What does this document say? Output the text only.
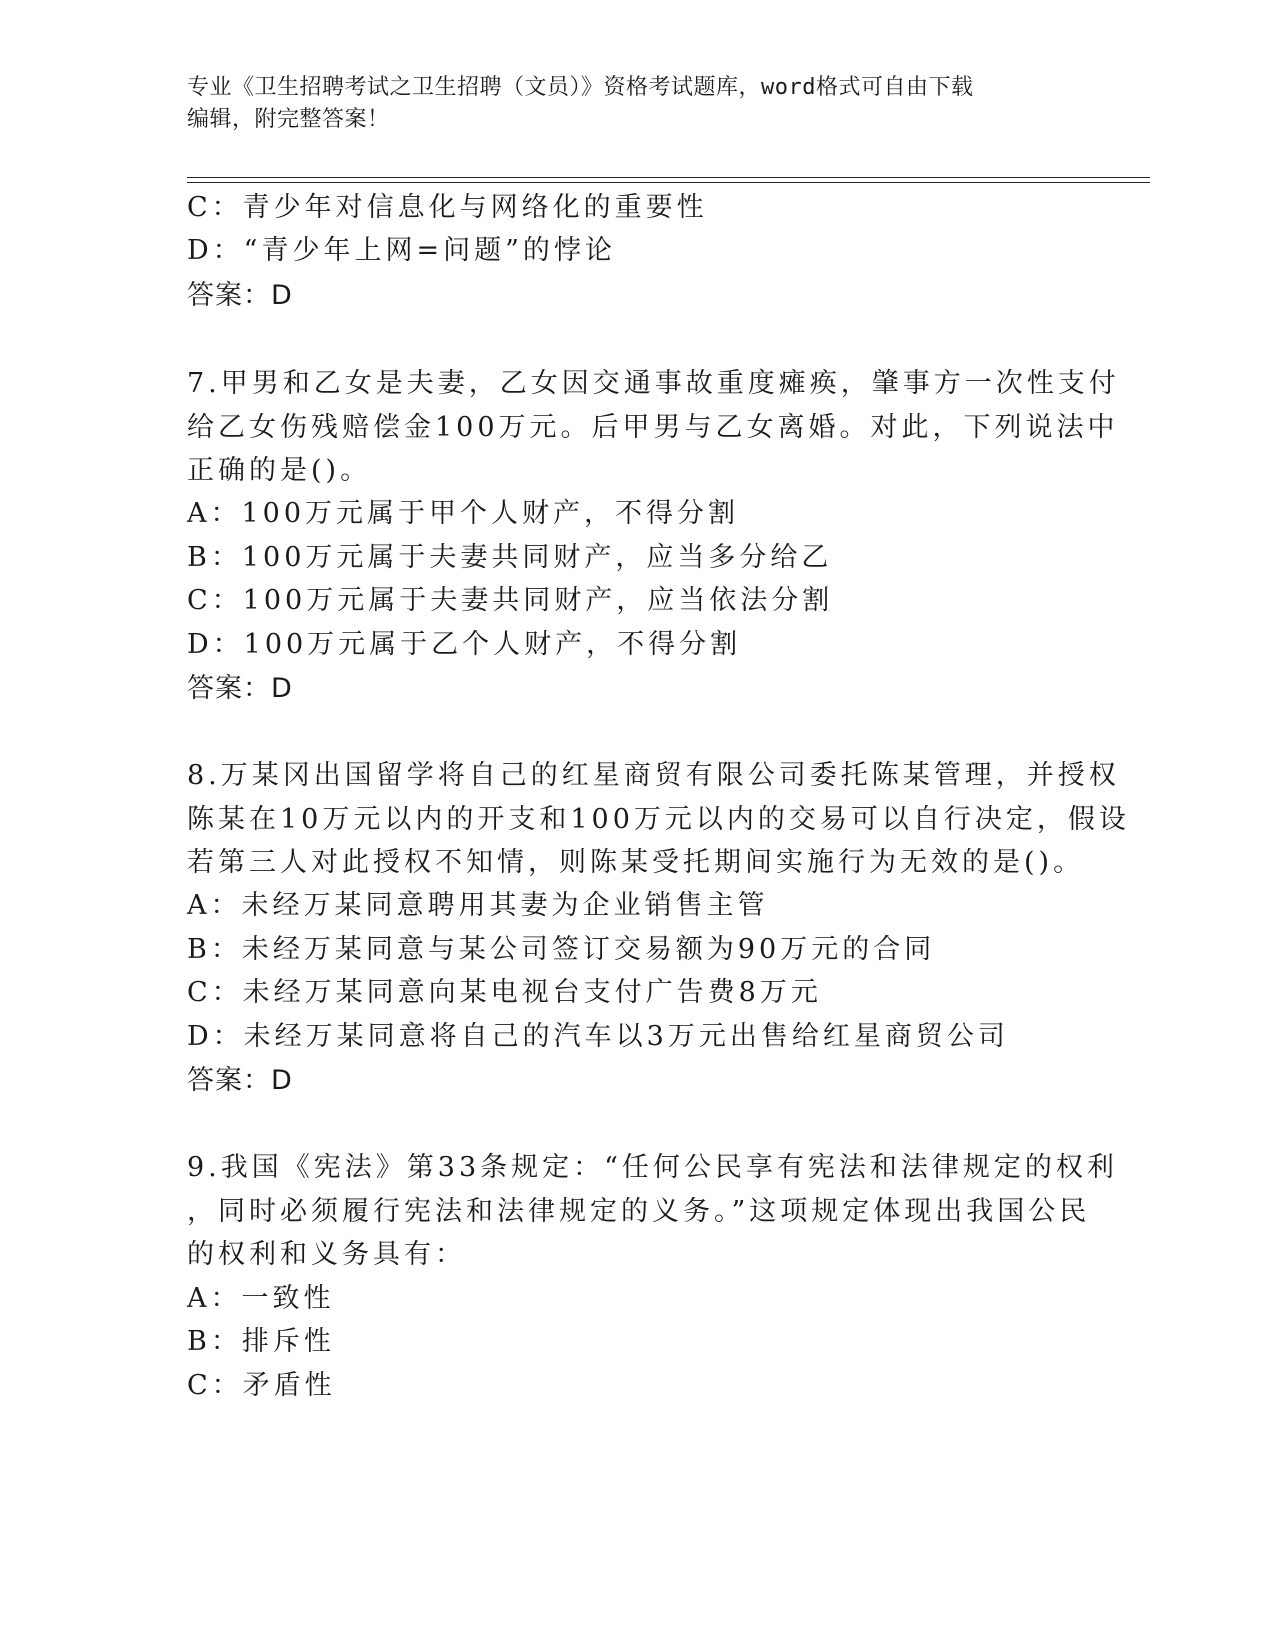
专业《卫生招聘考试之卫生招聘（文员）》资格考试题库，word格式可自由下载
编辑，附完整答案！
C：青少年对信息化与网络化的重要性
D：“青少年上网=问题”的悖论
答案：D
7.甲男和乙女是夫妻，乙女因交通事故重度瘫痪，肇事方一次性支付
给乙女伤残赔偿金100万元。后甲男与乙女离婚。对此，下列说法中
正确的是()。
A：100万元属于甲个人财产，不得分割
B：100万元属于夫妻共同财产，应当多分给乙
C：100万元属于夫妻共同财产，应当依法分割
D：100万元属于乙个人财产，不得分割
答案：D
8.万某冈出国留学将自己的红星商贸有限公司委托陈某管理，并授权
陈某在10万元以内的开支和100万元以内的交易可以自行决定，假设
若第三人对此授权不知情，则陈某受托期间实施行为无效的是()。
A：未经万某同意聘用其妻为企业销售主管
B：未经万某同意与某公司签订交易额为90万元的合同
C：未经万某同意向某电视台支付广告费8万元
D：未经万某同意将自己的汽车以3万元出售给红星商贸公司
答案：D
9.我国《宪法》第33条规定：“任何公民享有宪法和法律规定的权利
，同时必须履行宪法和法律规定的义务。”这项规定体现出我国公民
的权利和义务具有：
A：一致性
B：排斥性
C：矛盾性
